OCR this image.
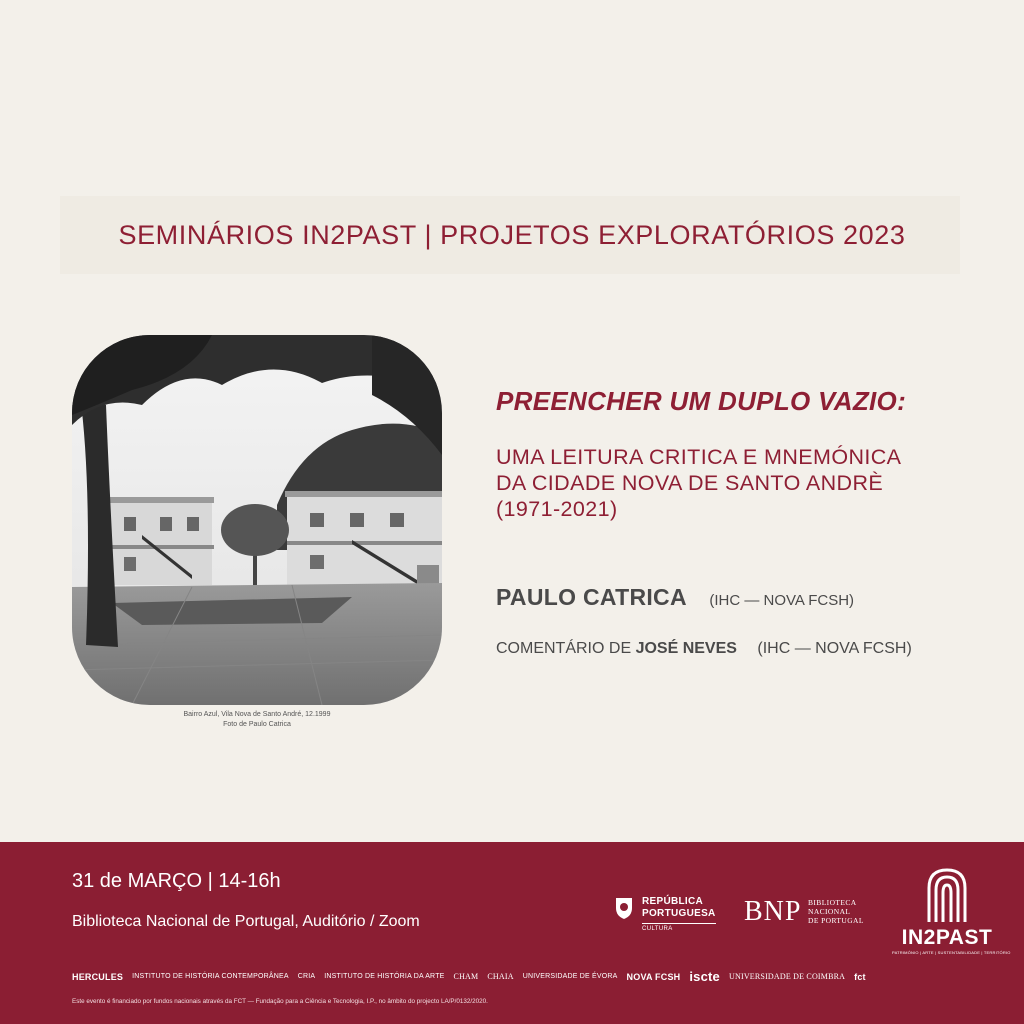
SEMINÁRIOS IN2PAST | PROJETOS EXPLORATÓRIOS 2023
Bairro Azul, Vila Nova de Santo André, 12.1999
Foto de Paulo Catrica
PREENCHER UM DUPLO VAZIO:
UMA LEITURA CRITICA E MNEMÓNICA
DA CIDADE NOVA DE SANTO ANDRÈ
(1971-2021)
PAULO CATRICA (IHC — NOVA FCSH)
COMENTÁRIO DE JOSÉ NEVES (IHC — NOVA FCSH)
31 de MARÇO | 14-16h
Biblioteca Nacional de Portugal, Auditório / Zoom
REPÚBLICA
PORTUGUESA
CULTURA
BNP BIBLIOTECA
NACIONAL
DE PORTUGAL
IN2PAST
PATRIMÓNIO | ARTE | SUSTENTABILIDADE | TERRITÓRIO
HERCULES INSTITUTO DE HISTÓRIA CONTEMPORÂNEA CRIA INSTITUTO DE HISTÓRIA DA ARTE CHAM CHAIA UNIVERSIDADE DE ÉVORA NOVA FCSH iscte UNIVERSIDADE DE COIMBRA fct
Este evento é financiado por fundos nacionais através da FCT — Fundação para a Ciência e Tecnologia, I.P., no âmbito do projecto LA/P/0132/2020.
